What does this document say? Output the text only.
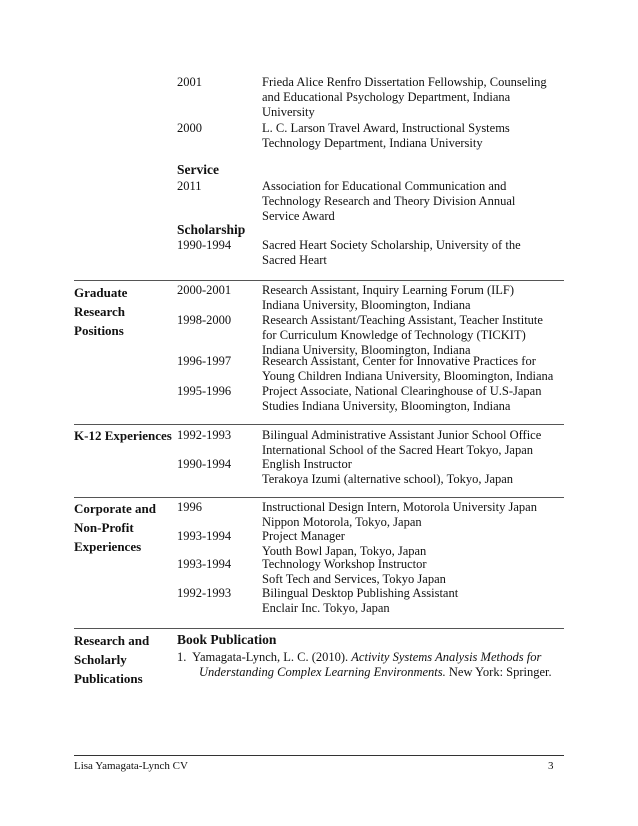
2001	Frieda Alice Renfro Dissertation Fellowship, Counseling
and Educational Psychology Department, Indiana
University
2000	L. C. Larson Travel Award, Instructional Systems
Technology Department, Indiana University
Service
2011	Association for Educational Communication and
Technology Research and Theory Division Annual
Service Award
Scholarship
1990-1994 Sacred Heart Society Scholarship, University of the
Sacred Heart
Graduate
Research
Positions
2000-2001 Research Assistant, Inquiry Learning Forum (ILF)
Indiana University, Bloomington, Indiana
1998-2000 Research Assistant/Teaching Assistant, Teacher Institute
for Curriculum Knowledge of Technology (TICKIT)
Indiana University, Bloomington, Indiana
1996-1997 Research Assistant, Center for Innovative Practices for
Young Children Indiana University, Bloomington, Indiana
1995-1996 Project Associate, National Clearinghouse of U.S-Japan
Studies Indiana University, Bloomington, Indiana
K-12 Experiences 1992-1993 Bilingual Administrative Assistant Junior School Office
International School of the Sacred Heart Tokyo, Japan
1990-1994 English Instructor
Terakoya Izumi (alternative school), Tokyo, Japan
Corporate and
Non-Profit
Experiences
1996	Instructional Design Intern, Motorola University Japan
Nippon Motorola, Tokyo, Japan
1993-1994 Project Manager
Youth Bowl Japan, Tokyo, Japan
1993-1994 Technology Workshop Instructor
Soft Tech and Services, Tokyo Japan
1992-1993 Bilingual Desktop Publishing Assistant
Enclair Inc. Tokyo, Japan
Research and
Scholarly
Publications
Book Publication
1. Yamagata-Lynch, L. C. (2010). Activity Systems Analysis Methods for
Understanding Complex Learning Environments. New York: Springer.
Lisa Yamagata-Lynch CV	3
